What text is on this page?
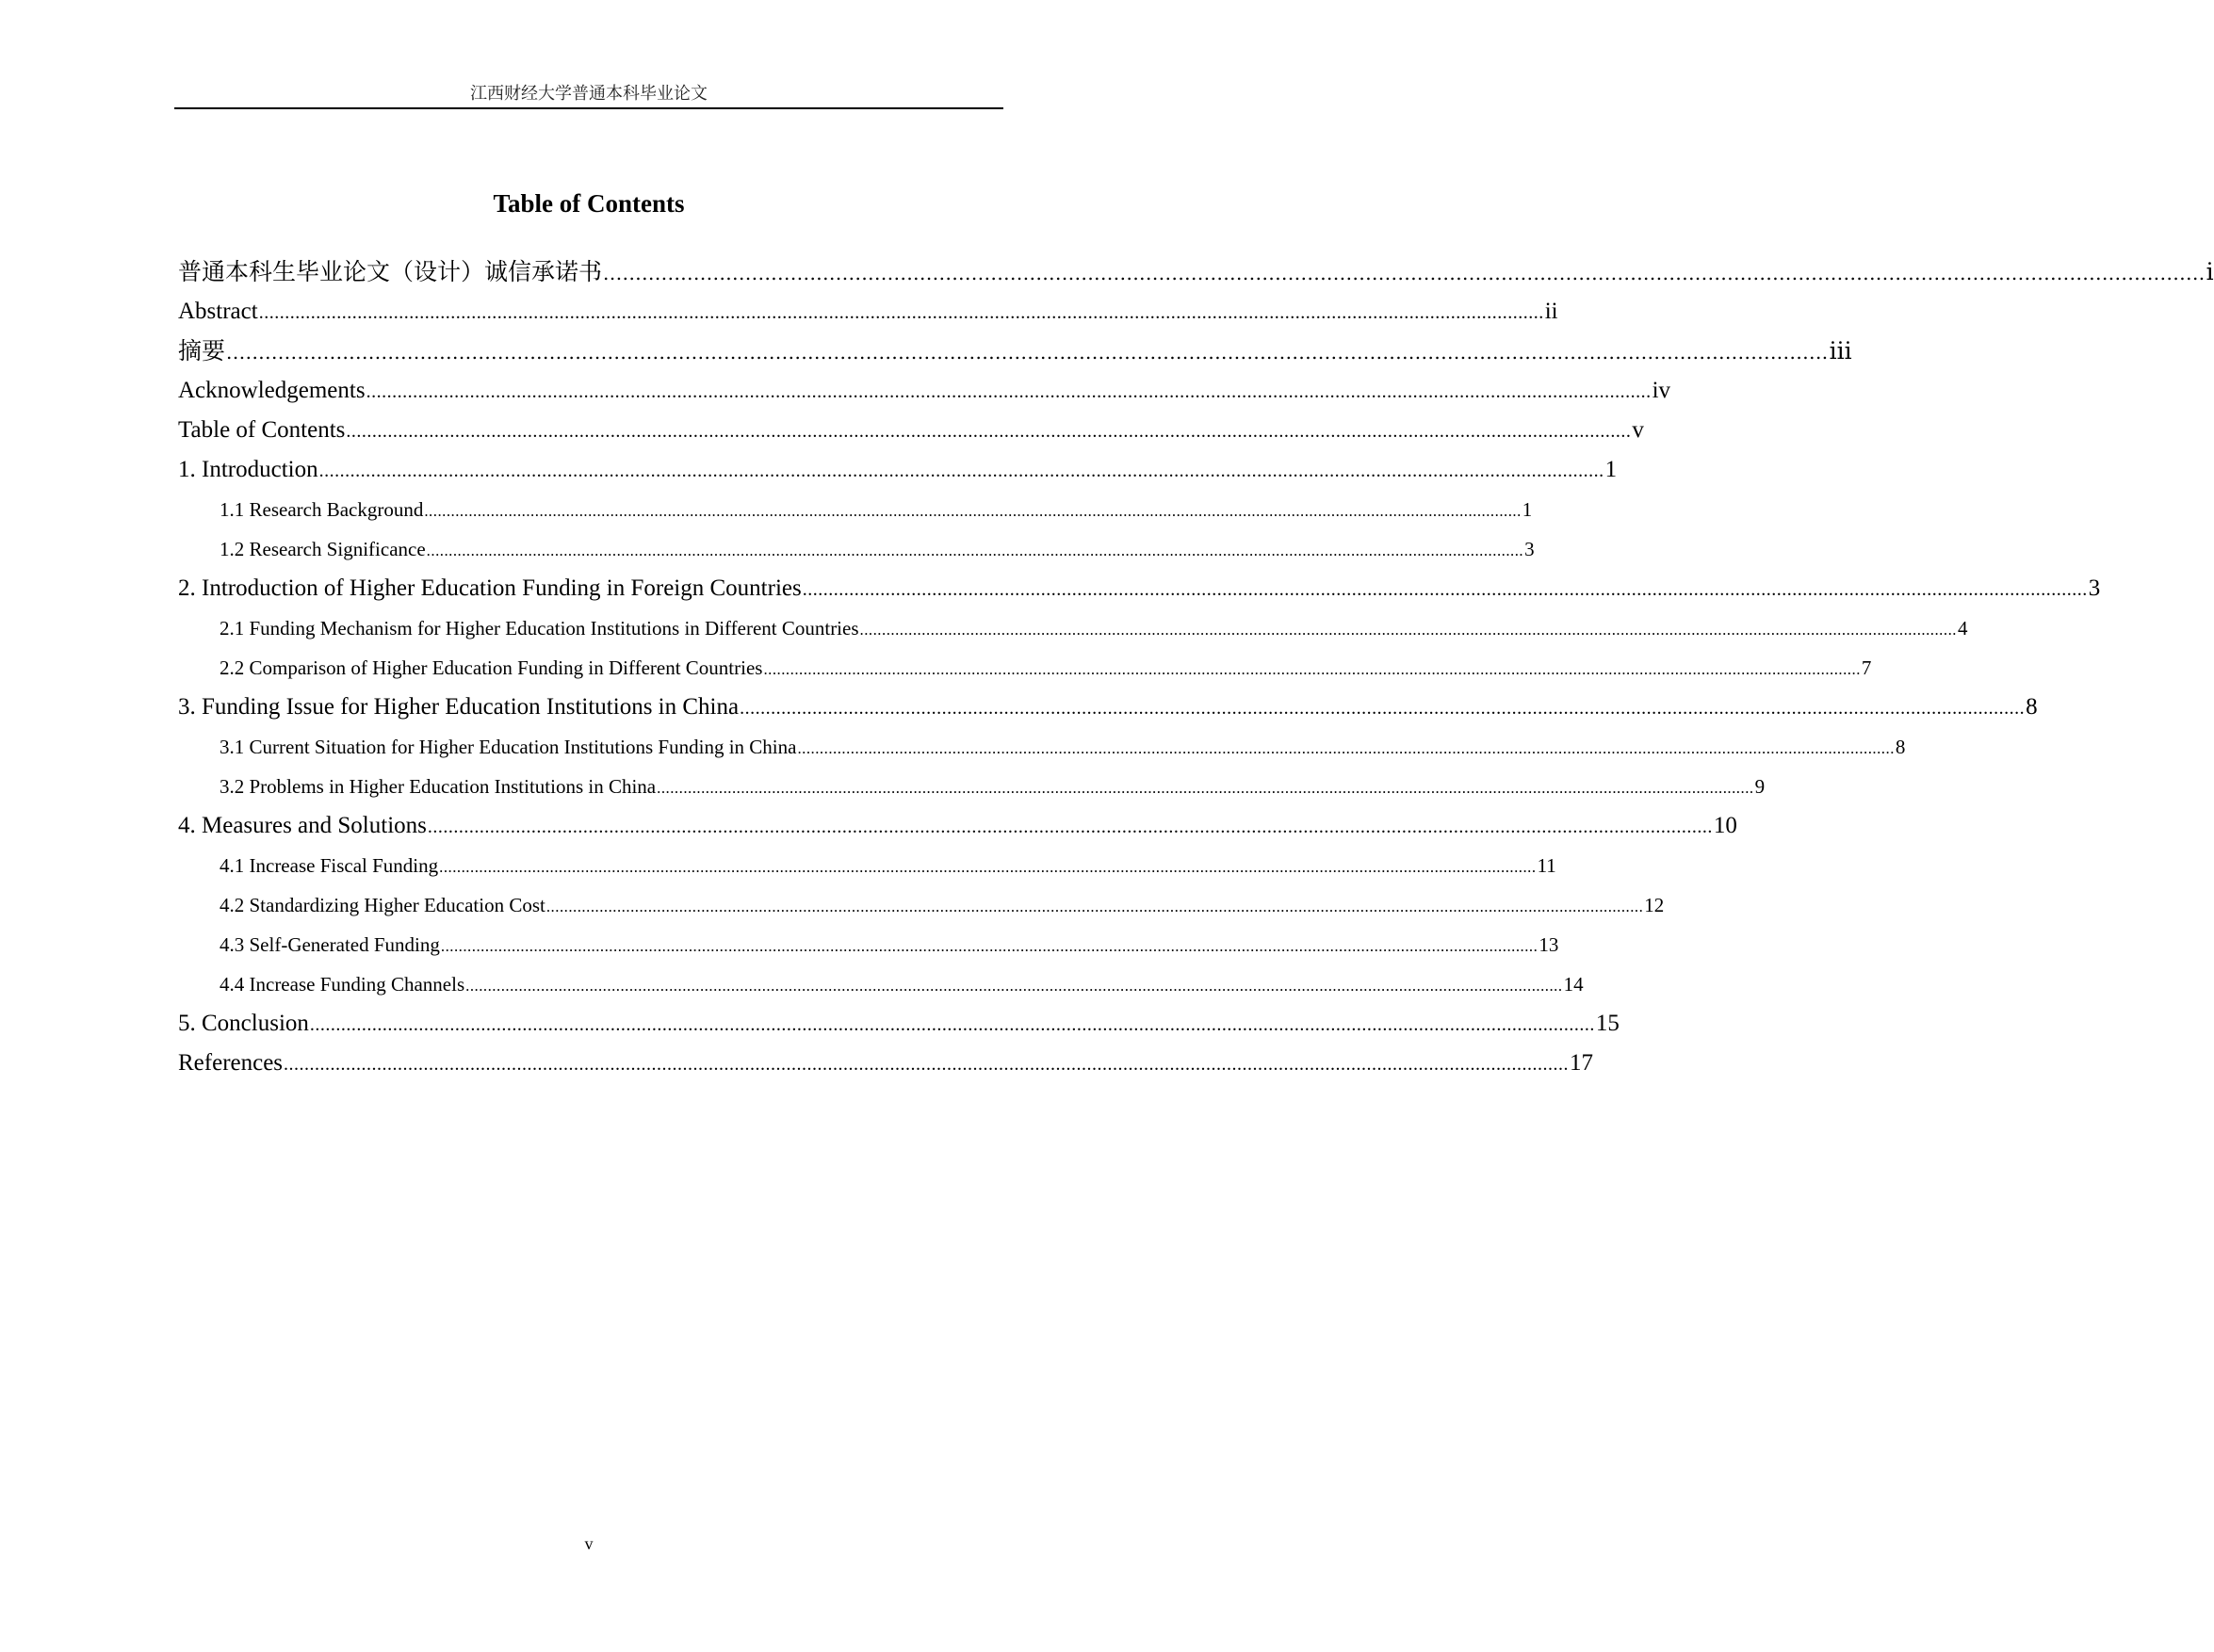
江西财经大学普通本科毕业论文
Table of Contents
普通本科生毕业论文（设计）诚信承诺书 .....	i
Abstract .....	ii
摘要 .....	iii
Acknowledgements .....	iv
Table of Contents .....	v
1. Introduction .....	1
1.1 Research Background .....	1
1.2 Research Significance .....	3
2. Introduction of Higher Education Funding in Foreign Countries .....	3
2.1 Funding Mechanism for Higher Education Institutions in Different Countries .....	4
2.2 Comparison of Higher Education Funding in Different Countries .....	7
3. Funding Issue for Higher Education Institutions in China .....	8
3.1 Current Situation for Higher Education Institutions Funding in China .....	8
3.2 Problems in Higher Education Institutions in China .....	9
4. Measures and Solutions .....	10
4.1 Increase Fiscal Funding .....	11
4.2 Standardizing Higher Education Cost .....	12
4.3 Self-Generated Funding .....	13
4.4 Increase Funding Channels .....	14
5. Conclusion .....	15
References .....	17
v
